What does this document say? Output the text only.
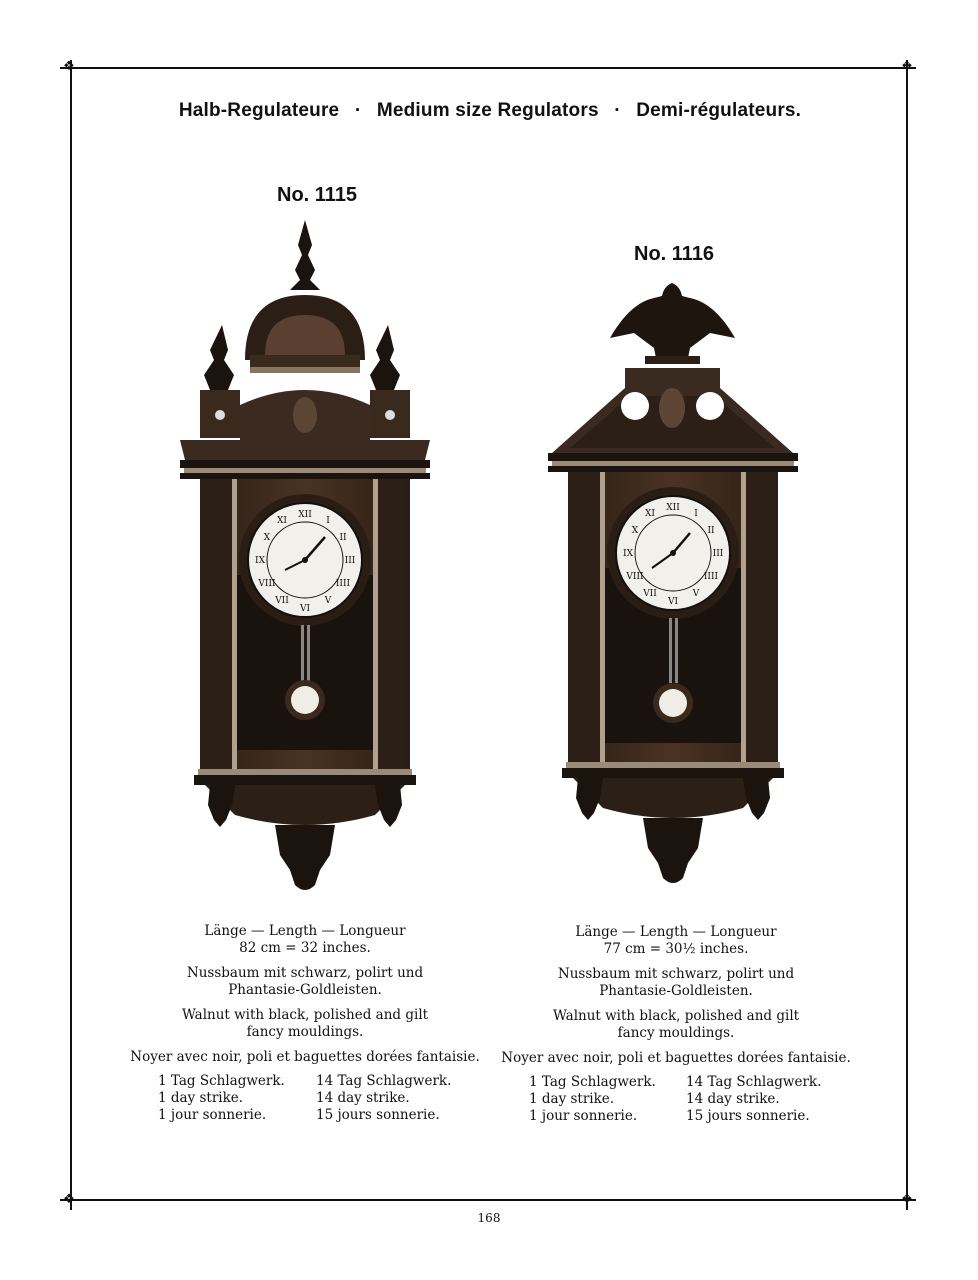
❖	❖
❖	❖
Halb-Regulateure · Medium size Regulators · Demi-régulateurs.
No. 1115
No. 1116
XII
I
II
III
IIII
V
VI
VII
VIII
IX
X
XI
XII
I
II
III
IIII
V
VI
VII
VIII
IX
X
XI

Länge — Length — Longueur
82 cm = 32 inches.

Nussbaum mit schwarz, polirt und
Phantasie-Goldleisten.

Walnut with black, polished and gilt
fancy mouldings.

Noyer avec noir, poli et baguettes dorées fantaisie.

1 Tag Schlagwerk.
1 day strike.
1 jour sonnerie.
14 Tag Schlagwerk.
14 day strike.
15 jours sonnerie.

Länge — Length — Longueur
77 cm = 30½ inches.

Nussbaum mit schwarz, polirt und
Phantasie-Goldleisten.

Walnut with black, polished and gilt
fancy mouldings.

Noyer avec noir, poli et baguettes dorées fantaisie.

1 Tag Schlagwerk.
1 day strike.
1 jour sonnerie.
14 Tag Schlagwerk.
14 day strike.
15 jours sonnerie.
168
